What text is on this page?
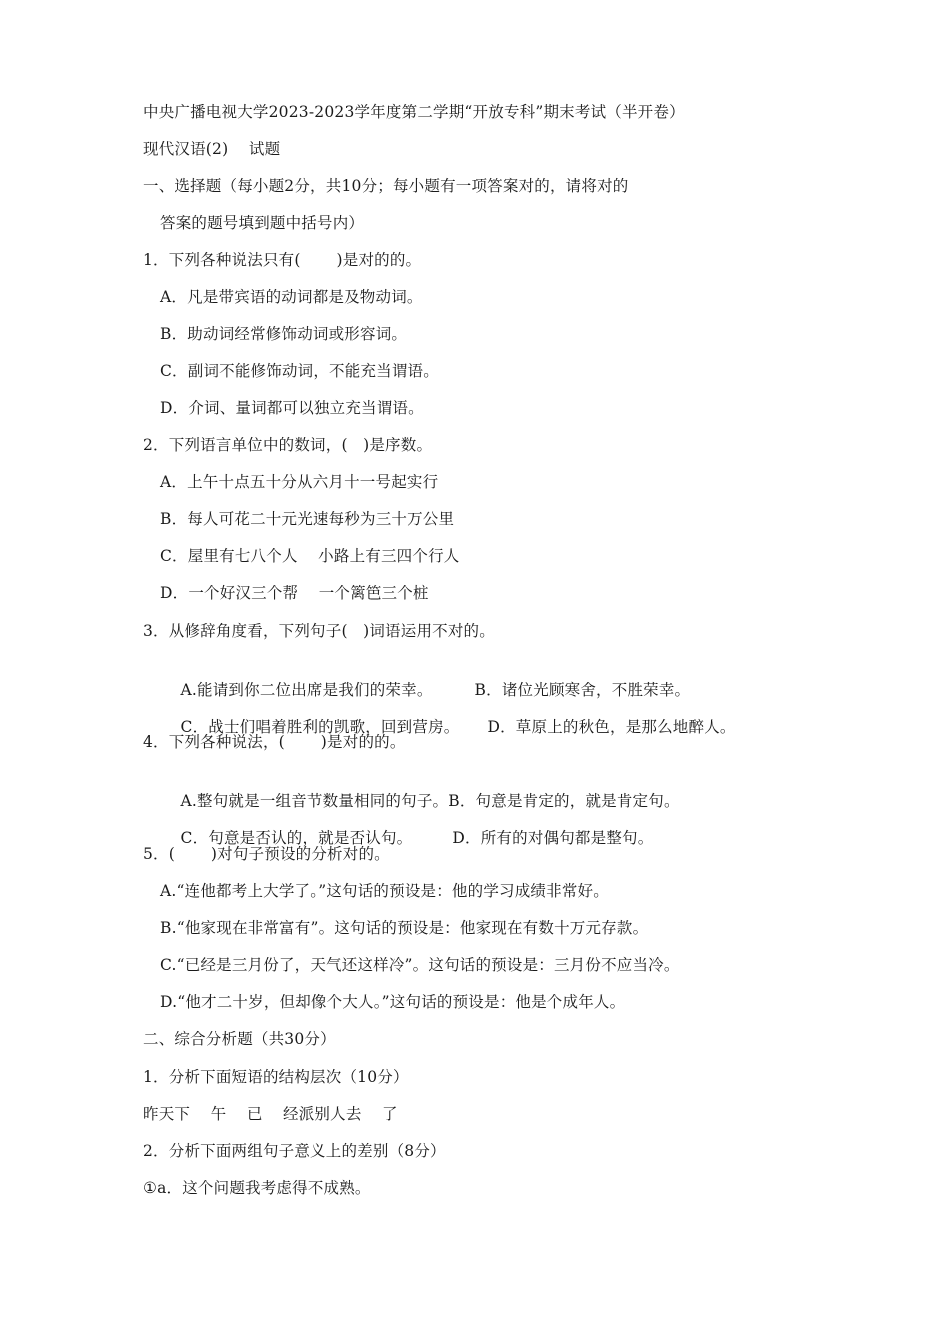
中央广播电视大学2023-2023学年度第二学期“开放专科”期末考试（半开卷）
现代汉语(2)    试题
一、选择题（每小题2分，共10分；每小题有一项答案对的，请将对的
答案的题号填到题中括号内）
1．下列各种说法只有(       )是对的的。
A．凡是带宾语的动词都是及物动词。
B．助动词经常修饰动词或形容词。
C．副词不能修饰动词，不能充当谓语。
D．介词、量词都可以独立充当谓语。
2．下列语言单位中的数词，(   )是序数。
A．上午十点五十分从六月十一号起实行
B．每人可花二十元光速每秒为三十万公里
C．屋里有七八个人    小路上有三四个行人
D．一个好汉三个帮    一个篱笆三个桩
3．从修辞角度看，下列句子(   )词语运用不对的。

A.能请到你二位出席是我们的荣幸。	B．诸位光顾寒舍，不胜荣幸。

C．战士们唱着胜利的凯歌，回到营房。 D．草原上的秋色，是那么地醉人。

4．下列各种说法，(       )是对的的。

A.整句就是一组音节数量相同的句子。B．句意是肯定的，就是肯定句。

C．句意是否认的，就是否认句。	D．所有的对偶句都是整句。

5．(       )对句子预设的分析对的。
A.“连他都考上大学了。”这句话的预设是：他的学习成绩非常好。
B.“他家现在非常富有”。这句话的预设是：他家现在有数十万元存款。
C.“已经是三月份了，天气还这样冷”。这句话的预设是：三月份不应当冷。
D.“他才二十岁，但却像个大人。”这句话的预设是：他是个成年人。
二、综合分析题（共30分）
1．分析下面短语的结构层次（10分）
昨天下    午    已    经派别人去    了
2．分析下面两组句子意义上的差别（8分）
①a．这个问题我考虑得不成熟。
